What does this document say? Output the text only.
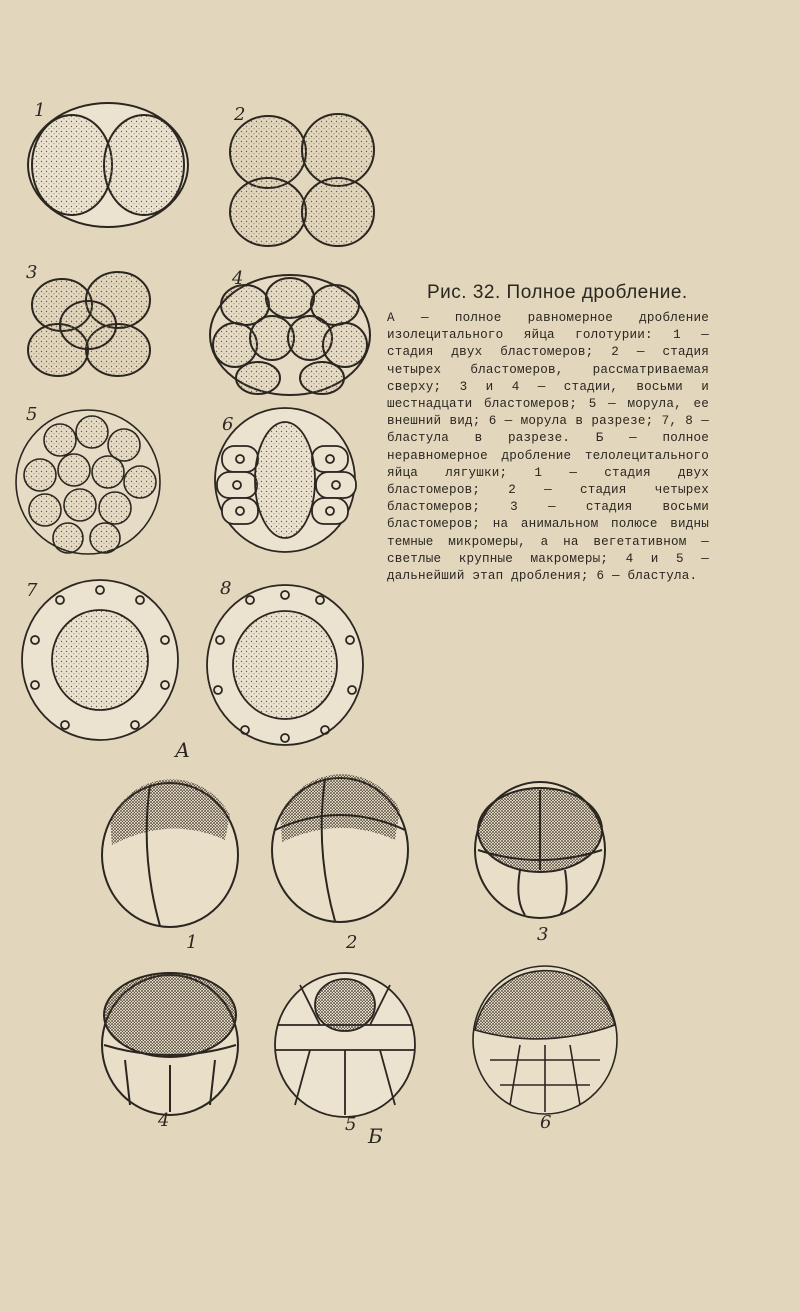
1	2
3	4
5	6
7	8
А
1	2	3
4	5	6
Б
Рис. 32. Полное дробление.
А — полное равномерное дробление изолецитального яйца голотурии: 1 — стадия двух бластомеров; 2 — стадия четырех бластомеров, рассматриваемая сверху; 3 и 4 — стадии, восьми и шестнадцати бластомеров; 5 — морула, ее внешний вид; 6 — морула в разрезе; 7, 8 — бластула в разрезе. Б — полное неравномерное дробление телолецитального яйца лягушки; 1 — стадия двух бластомеров; 2 — стадия четырех бластомеров; 3 — стадия восьми бластомеров; на анимальном полюсе видны темные микромеры, а на вегетативном — светлые крупные макромеры; 4 и 5 — дальнейший этап дробления; 6 — бластула.
